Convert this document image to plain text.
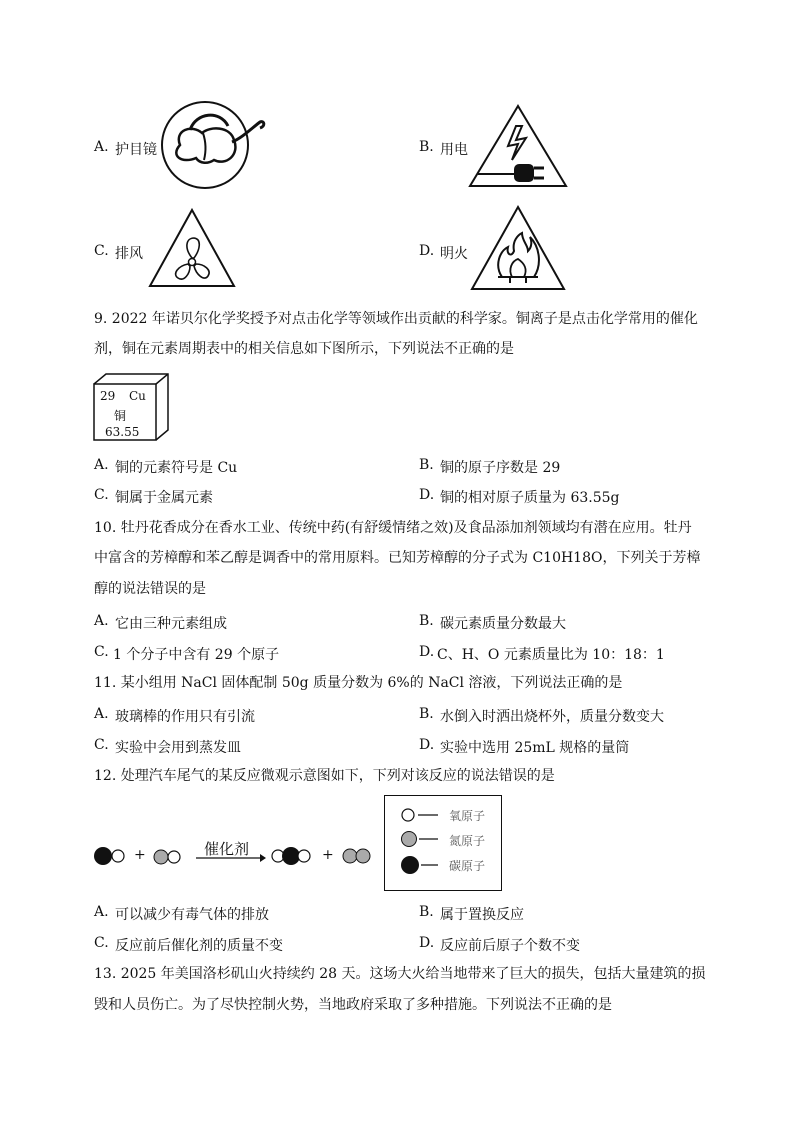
A. 护目镜	B. 用电
C. 排风	D. 明火
9. 2022 年诺贝尔化学奖授予对点击化学等领域作出贡献的科学家。铜离子是点击化学常用的催化
剂，铜在元素周期表中的相关信息如下图所示，下列说法不正确的是
29 Cu
铜
63.55
A. 铜的元素符号是 Cu	B. 铜的原子序数是 29
C. 铜属于金属元素	D. 铜的相对原子质量为 63.55g
10. 牡丹花香成分在香水工业、传统中药(有舒缓情绪之效)及食品添加剂领域均有潜在应用。牡丹
中富含的芳樟醇和苯乙醇是调香中的常用原料。已知芳樟醇的分子式为 C10H18O，下列关于芳樟
醇的说法错误的是
A. 它由三种元素组成	B. 碳元素质量分数最大
C. 1 个分子中含有 29 个原子	D. C、H、O 元素质量比为 10：18：1
11. 某小组用 NaCl 固体配制 50g 质量分数为 6%的 NaCl 溶液，下列说法正确的是
A. 玻璃棒的作用只有引流	B. 水倒入时洒出烧杯外，质量分数变大
C. 实验中会用到蒸发皿	D. 实验中选用 25mL 规格的量筒
12. 处理汽车尾气的某反应微观示意图如下，下列对该反应的说法错误的是
+	催化剂	+
氧原子
氮原子
碳原子
A. 可以减少有毒气体的排放	B. 属于置换反应
C. 反应前后催化剂的质量不变	D. 反应前后原子个数不变
13. 2025 年美国洛杉矶山火持续约 28 天。这场大火给当地带来了巨大的损失，包括大量建筑的损
毁和人员伤亡。为了尽快控制火势，当地政府采取了多种措施。下列说法不正确的是
